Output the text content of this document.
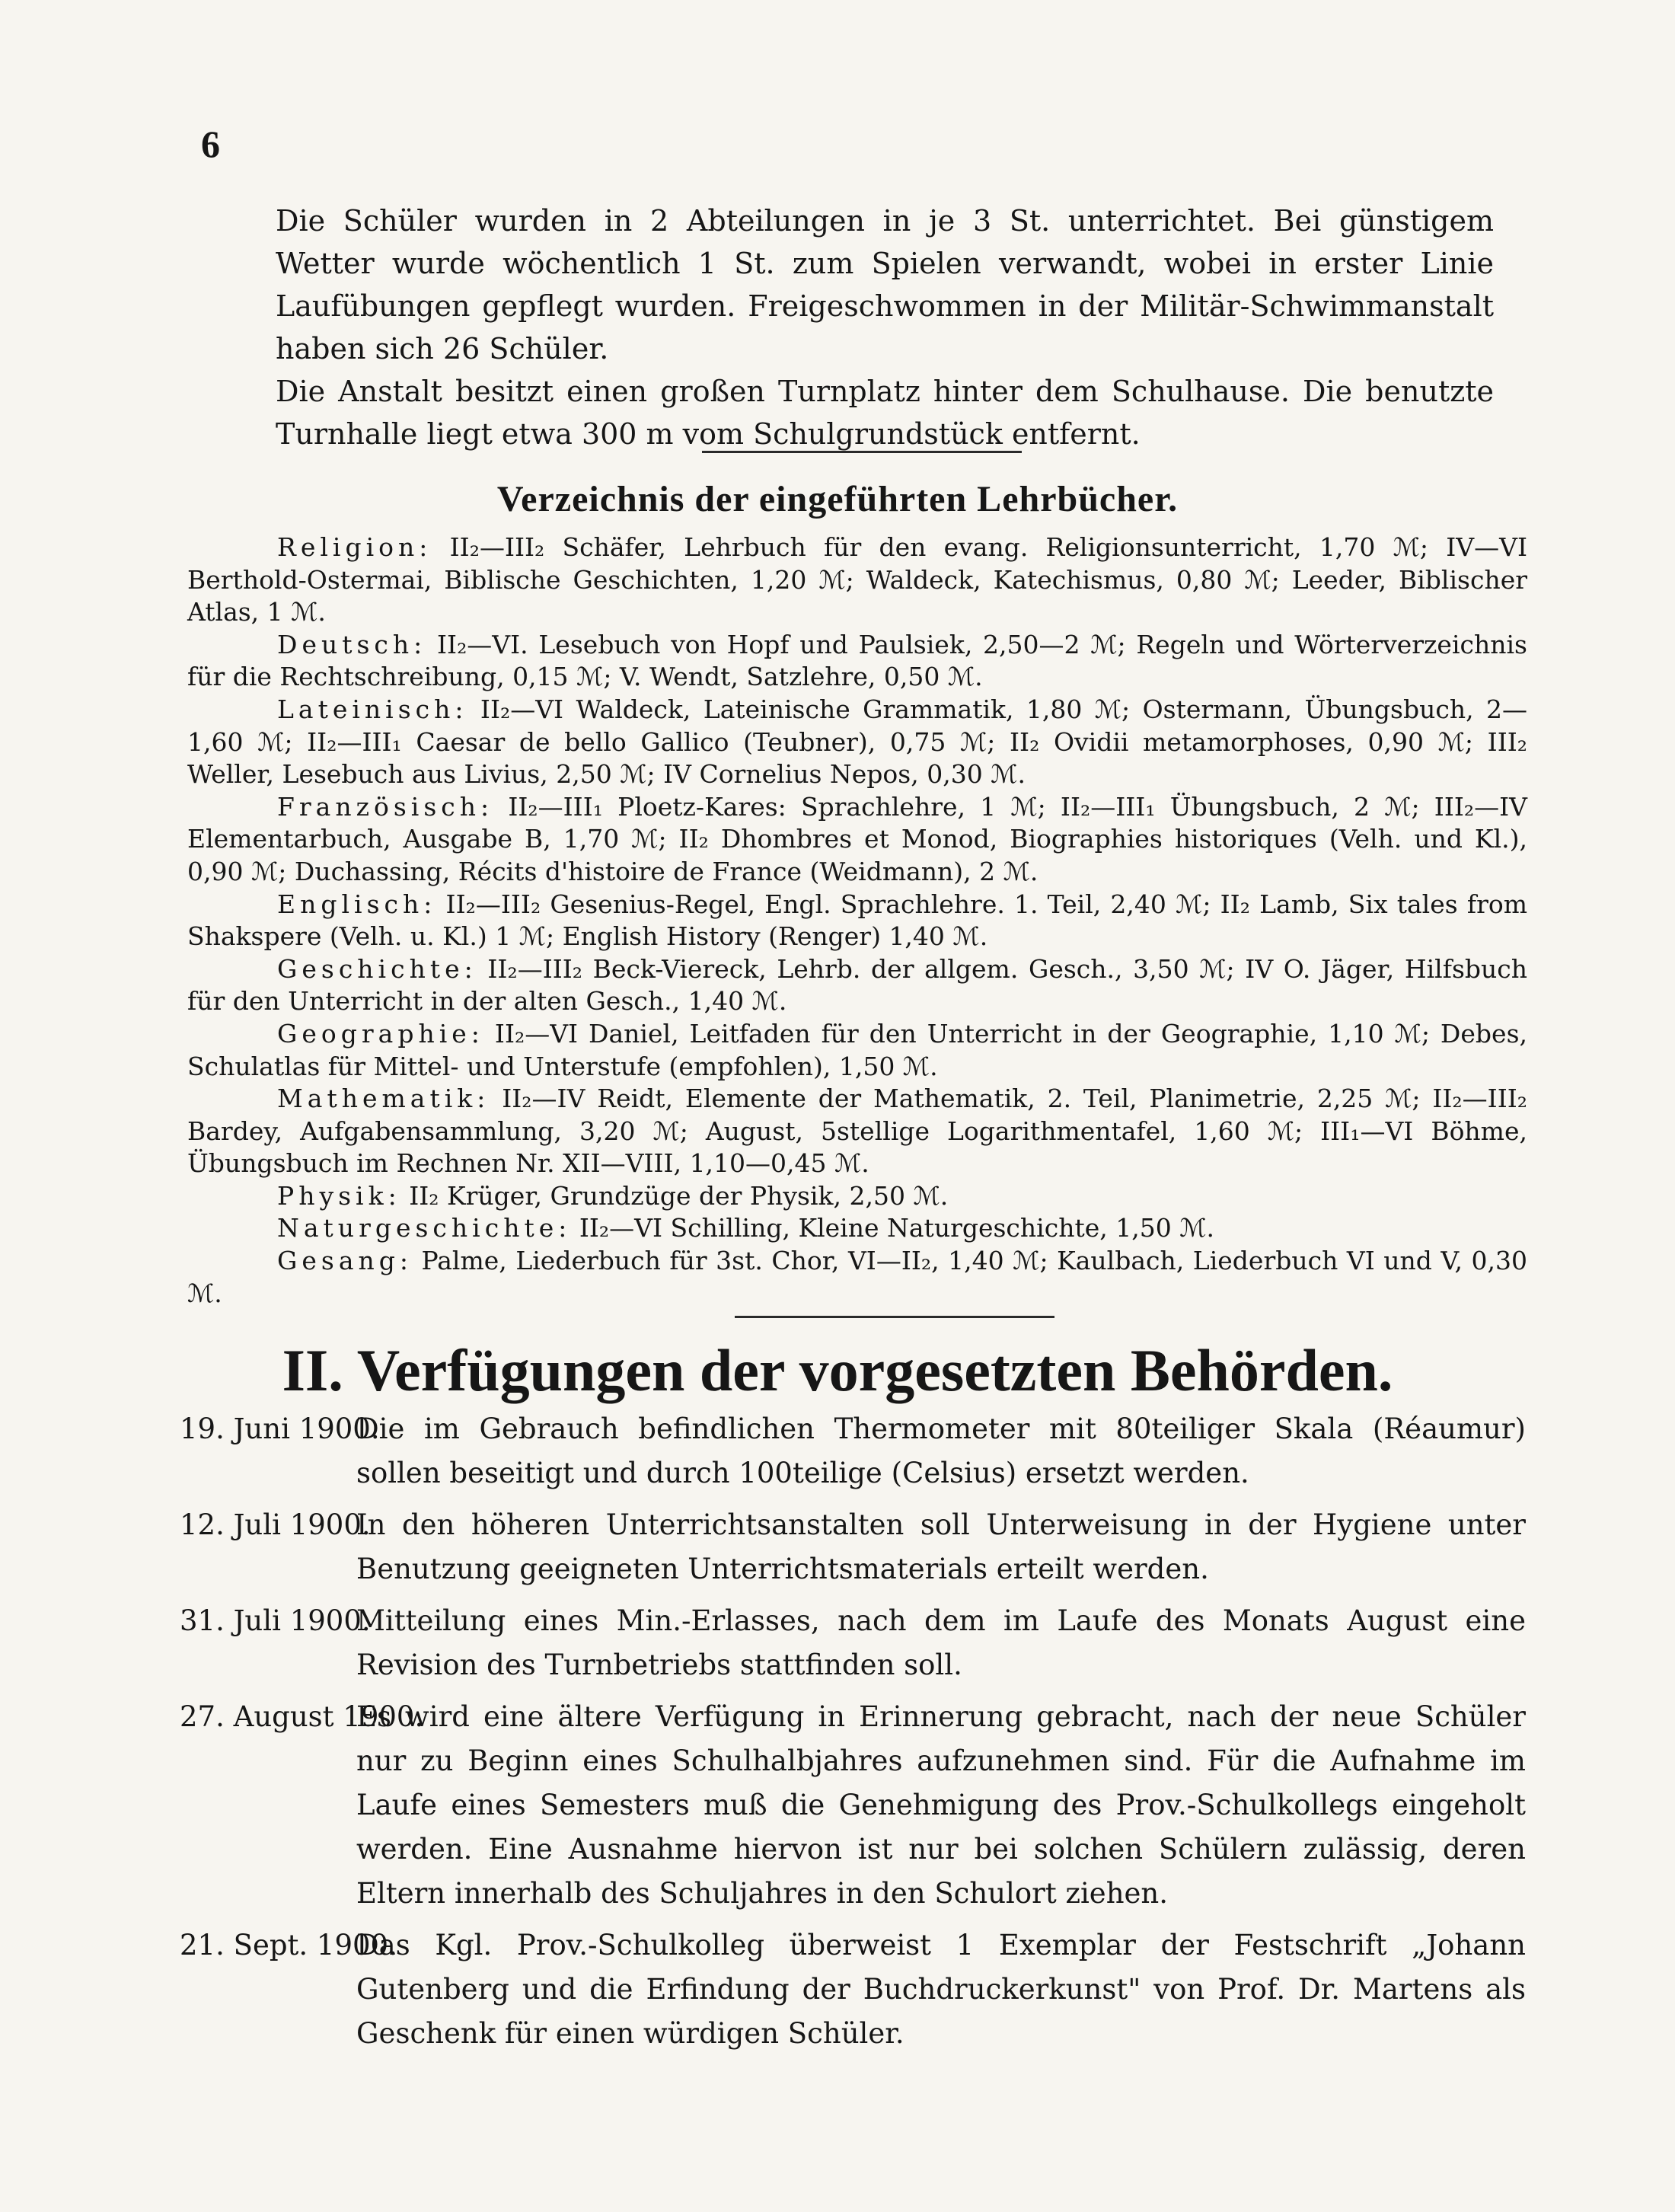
6

Die Schüler wurden in 2 Abteilungen in je 3 St. unterrichtet. Bei günstigem Wetter wurde wöchentlich 1 St. zum Spielen verwandt, wobei in erster Linie Laufübungen gepflegt wurden. Freigeschwommen in der Militär-Schwimmanstalt haben sich 26 Schüler.

Die Anstalt besitzt einen großen Turnplatz hinter dem Schulhause. Die benutzte Turnhalle liegt etwa 300 m vom Schulgrundstück entfernt.

Verzeichnis der eingeführten Lehrbücher.

Religion: II₂—III₂ Schäfer, Lehrbuch für den evang. Religionsunterricht, 1,70 ℳ; IV—VI Berthold-Ostermai, Biblische Geschichten, 1,20 ℳ; Waldeck, Katechismus, 0,80 ℳ; Leeder, Biblischer Atlas, 1 ℳ.

Deutsch: II₂—VI. Lesebuch von Hopf und Paulsiek, 2,50—2 ℳ; Regeln und Wörterverzeichnis für die Rechtschreibung, 0,15 ℳ; V. Wendt, Satzlehre, 0,50 ℳ.

Lateinisch: II₂—VI Waldeck, Lateinische Grammatik, 1,80 ℳ; Ostermann, Übungsbuch, 2—1,60 ℳ; II₂—III₁ Caesar de bello Gallico (Teubner), 0,75 ℳ; II₂ Ovidii metamorphoses, 0,90 ℳ; III₂ Weller, Lesebuch aus Livius, 2,50 ℳ; IV Cornelius Nepos, 0,30 ℳ.

Französisch: II₂—III₁ Ploetz-Kares: Sprachlehre, 1 ℳ; II₂—III₁ Übungsbuch, 2 ℳ; III₂—IV Elementarbuch, Ausgabe B, 1,70 ℳ; II₂ Dhombres et Monod, Biographies historiques (Velh. und Kl.), 0,90 ℳ; Duchassing, Récits d'histoire de France (Weidmann), 2 ℳ.

Englisch: II₂—III₂ Gesenius-Regel, Engl. Sprachlehre. 1. Teil, 2,40 ℳ; II₂ Lamb, Six tales from Shakspere (Velh. u. Kl.) 1 ℳ; English History (Renger) 1,40 ℳ.

Geschichte: II₂—III₂ Beck-Viereck, Lehrb. der allgem. Gesch., 3,50 ℳ; IV O. Jäger, Hilfsbuch für den Unterricht in der alten Gesch., 1,40 ℳ.

Geographie: II₂—VI Daniel, Leitfaden für den Unterricht in der Geographie, 1,10 ℳ; Debes, Schulatlas für Mittel- und Unterstufe (empfohlen), 1,50 ℳ.

Mathematik: II₂—IV Reidt, Elemente der Mathematik, 2. Teil, Planimetrie, 2,25 ℳ; II₂—III₂ Bardey, Aufgabensammlung, 3,20 ℳ; August, 5stellige Logarithmentafel, 1,60 ℳ; III₁—VI Böhme, Übungsbuch im Rechnen Nr. XII—VIII, 1,10—0,45 ℳ.

Physik: II₂ Krüger, Grundzüge der Physik, 2,50 ℳ.

Naturgeschichte: II₂—VI Schilling, Kleine Naturgeschichte, 1,50 ℳ.

Gesang: Palme, Liederbuch für 3st. Chor, VI—II₂, 1,40 ℳ; Kaulbach, Liederbuch VI und V, 0,30 ℳ.

II. Verfügungen der vorgesetzten Behörden.
19. Juni 1900.
Die im Gebrauch befindlichen Thermometer mit 80teiliger Skala (Réaumur) sollen beseitigt und durch 100teilige (Celsius) ersetzt werden.
12. Juli 1900.
In den höheren Unterrichtsanstalten soll Unterweisung in der Hygiene unter Benutzung geeigneten Unterrichtsmaterials erteilt werden.
31. Juli 1900.
Mitteilung eines Min.-Erlasses, nach dem im Laufe des Monats August eine Revision des Turnbetriebs stattfinden soll.
27. August 1900.
Es wird eine ältere Verfügung in Erinnerung gebracht, nach der neue Schüler nur zu Beginn eines Schulhalbjahres aufzunehmen sind. Für die Aufnahme im Laufe eines Semesters muß die Genehmigung des Prov.-Schulkollegs eingeholt werden. Eine Ausnahme hiervon ist nur bei solchen Schülern zulässig, deren Eltern innerhalb des Schuljahres in den Schulort ziehen.
21. Sept. 1900.
Das Kgl. Prov.-Schulkolleg überweist 1 Exemplar der Festschrift „Johann Gutenberg und die Erfindung der Buchdruckerkunst" von Prof. Dr. Martens als Geschenk für einen würdigen Schüler.
